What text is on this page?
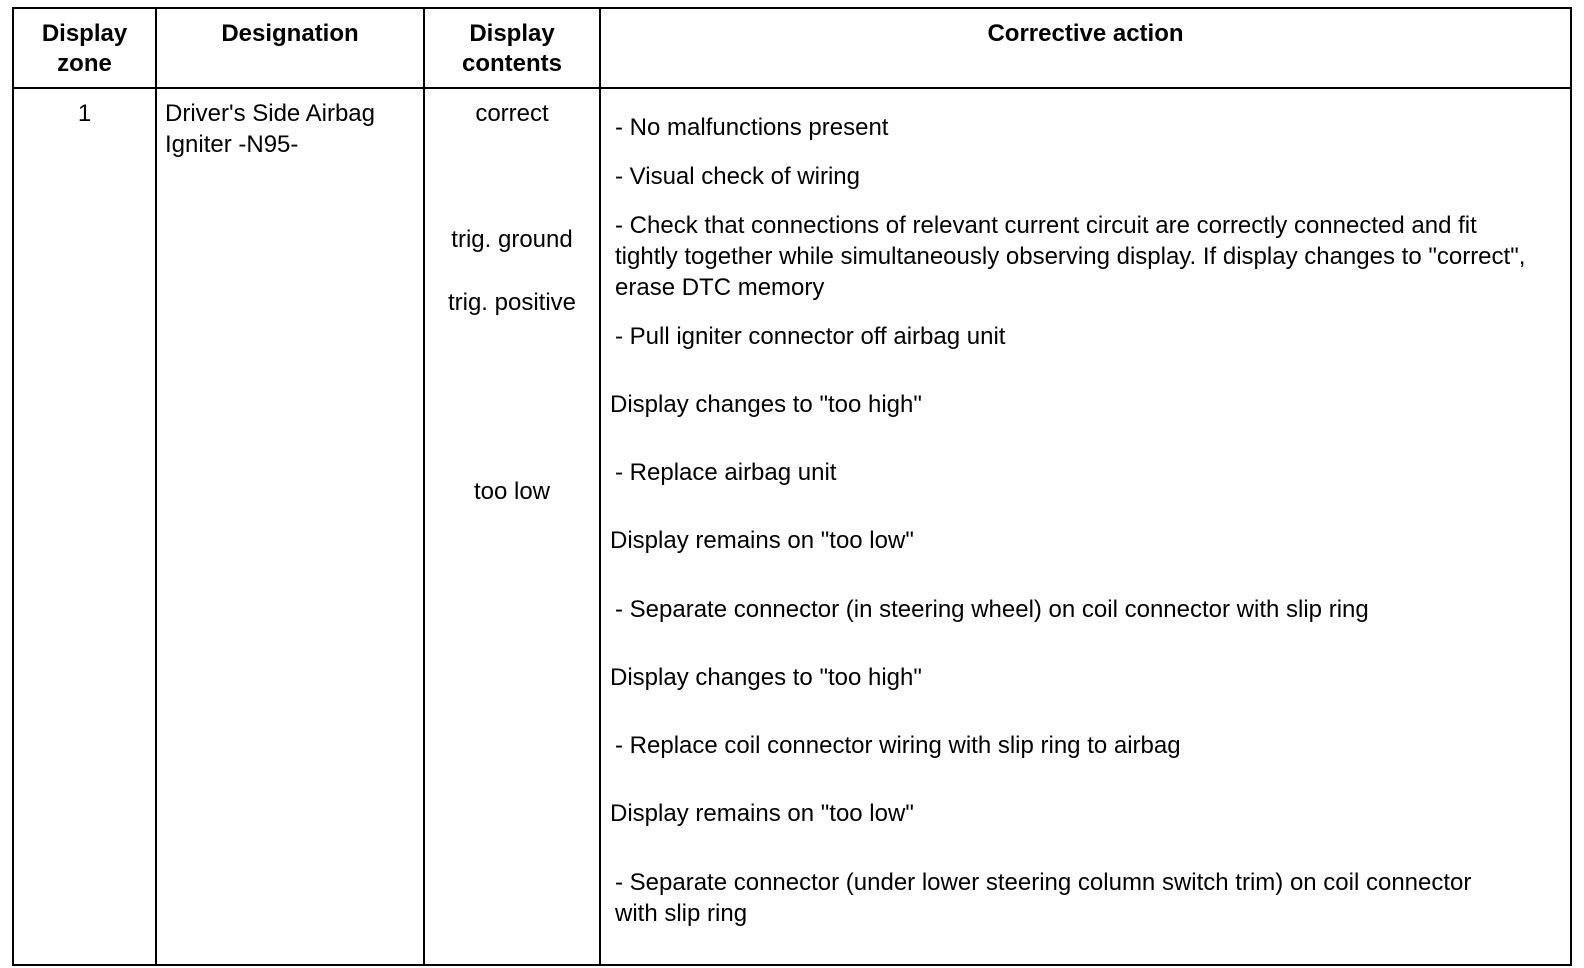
Display zone
Designation	Display contents
Corrective action
1	Driver's Side Airbag
Igniter -N95-
correct
trig. ground
trig. positive
too low
- No malfunctions present
- Visual check of wiring
- Check that connections of relevant current circuit are correctly connected and fit tightly together while simultaneously observing display. If display changes to "correct", erase DTC memory
- Pull igniter connector off airbag unit
Display changes to "too high"
- Replace airbag unit
Display remains on "too low"
- Separate connector (in steering wheel) on coil connector with slip ring
Display changes to "too high"
- Replace coil connector wiring with slip ring to airbag
Display remains on "too low"
- Separate connector (under lower steering column switch trim) on coil connector with slip ring
